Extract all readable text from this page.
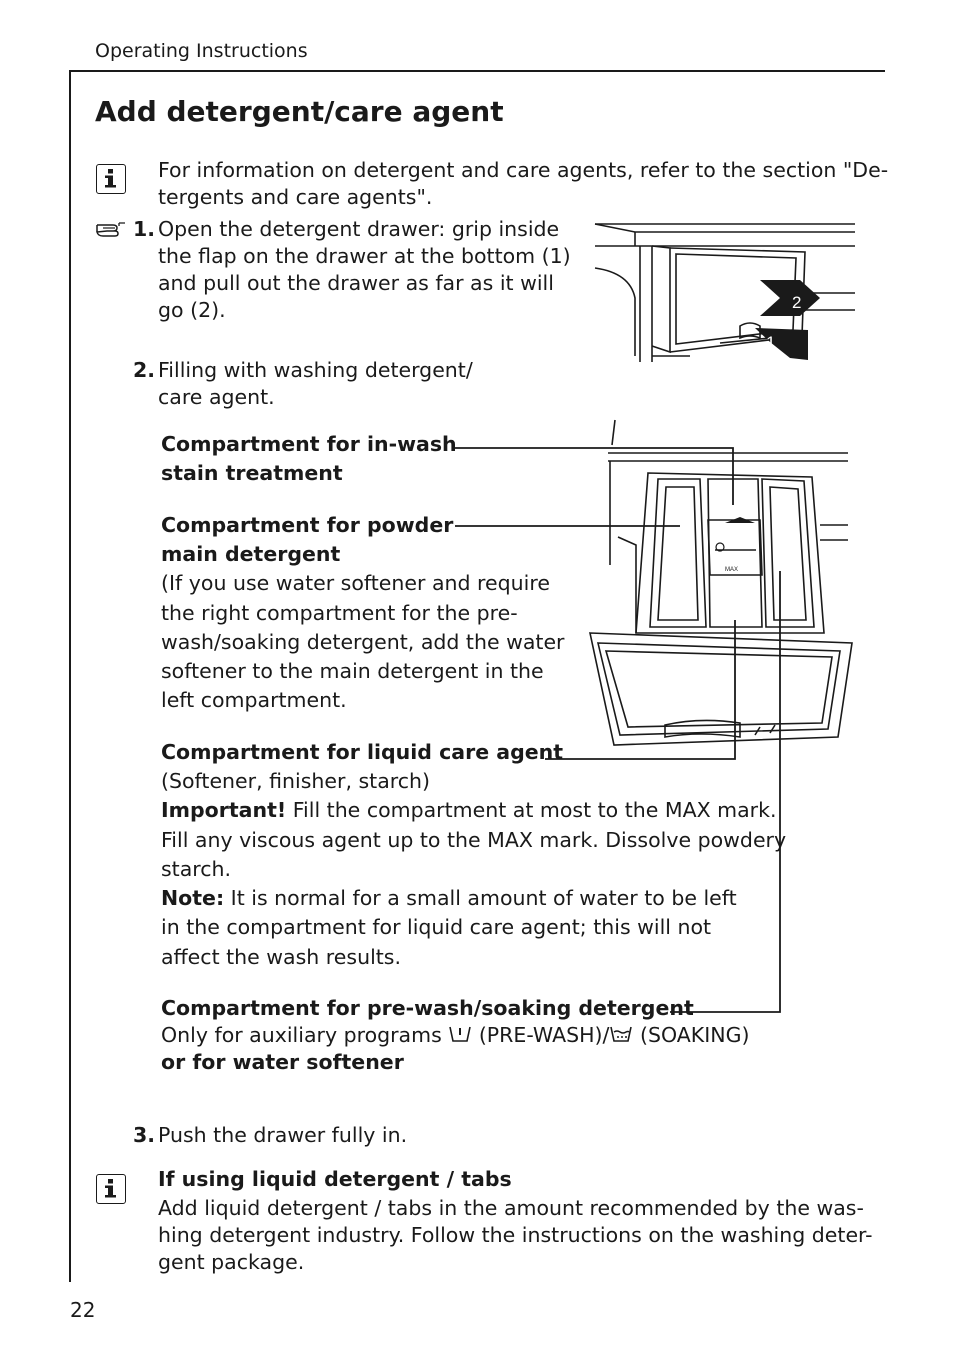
Operating Instructions
Add detergent/care agent
For information on detergent and care agents, refer to the section "De-
tergents and care agents".
1. Open the detergent drawer: grip inside
the flap on the drawer at the bottom (1)
and pull out the drawer as far as it will
go (2).	2
1
2. Filling with washing detergent/
care agent.
MAX
Compartment for in-wash
stain treatment
Compartment for powder
main detergent
(If you use water softener and require
the right compartment for the pre-
wash/soaking detergent, add the water
softener to the main detergent in the
left compartment.
Compartment for liquid care agent
(Softener, finisher, starch)
Important! Fill the compartment at most to the MAX mark.
Fill any viscous agent up to the MAX mark. Dissolve powdery
starch.
Note: It is normal for a small amount of water to be left
in the compartment for liquid care agent; this will not
affect the wash results.
Compartment for pre-wash/soaking detergent
Only for auxiliary programs  (PRE-WASH)/ (SOAKING)
or for water softener
3. Push the drawer fully in.
If using liquid detergent / tabs
Add liquid detergent / tabs in the amount recommended by the was-
hing detergent industry. Follow the instructions on the washing deter-
gent package.
22
